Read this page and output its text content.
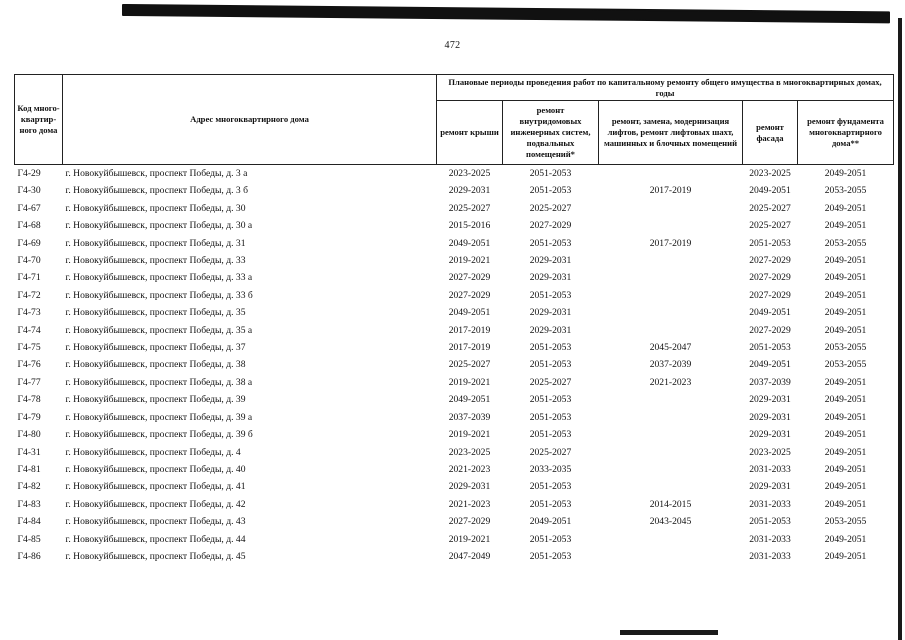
472
Код много-квартир-ного дома	Адрес многоквартирного дома	Плановые периоды проведения работ по капитальному ремонту общего имущества в многоквартирных домах, годы				
		ремонт крыши	ремонт внутридомовых инженерных систем, подвальных помещений*	ремонт, замена, модернизация лифтов, ремонт лифтовых шахт, машинных и блочных помещений	ремонт фасада	ремонт фундамента многоквартирного дома**
Г4-29	г. Новокуйбышевск, проспект Победы, д. 3 а	2023-2025	2051-2053		2023-2025	2049-2051
Г4-30	г. Новокуйбышевск, проспект Победы, д. 3 б	2029-2031	2051-2053	2017-2019	2049-2051	2053-2055
Г4-67	г. Новокуйбышевск, проспект Победы, д. 30	2025-2027	2025-2027		2025-2027	2049-2051
Г4-68	г. Новокуйбышевск, проспект Победы, д. 30 а	2015-2016	2027-2029		2025-2027	2049-2051
Г4-69	г. Новокуйбышевск, проспект Победы, д. 31	2049-2051	2051-2053	2017-2019	2051-2053	2053-2055
Г4-70	г. Новокуйбышевск, проспект Победы, д. 33	2019-2021	2029-2031		2027-2029	2049-2051
Г4-71	г. Новокуйбышевск, проспект Победы, д. 33 а	2027-2029	2029-2031		2027-2029	2049-2051
Г4-72	г. Новокуйбышевск, проспект Победы, д. 33 б	2027-2029	2051-2053		2027-2029	2049-2051
Г4-73	г. Новокуйбышевск, проспект Победы, д. 35	2049-2051	2029-2031		2049-2051	2049-2051
Г4-74	г. Новокуйбышевск, проспект Победы, д. 35 а	2017-2019	2029-2031		2027-2029	2049-2051
Г4-75	г. Новокуйбышевск, проспект Победы, д. 37	2017-2019	2051-2053	2045-2047	2051-2053	2053-2055
Г4-76	г. Новокуйбышевск, проспект Победы, д. 38	2025-2027	2051-2053	2037-2039	2049-2051	2053-2055
Г4-77	г. Новокуйбышевск, проспект Победы, д. 38 а	2019-2021	2025-2027	2021-2023	2037-2039	2049-2051
Г4-78	г. Новокуйбышевск, проспект Победы, д. 39	2049-2051	2051-2053		2029-2031	2049-2051
Г4-79	г. Новокуйбышевск, проспект Победы, д. 39 а	2037-2039	2051-2053		2029-2031	2049-2051
Г4-80	г. Новокуйбышевск, проспект Победы, д. 39 б	2019-2021	2051-2053		2029-2031	2049-2051
Г4-31	г. Новокуйбышевск, проспект Победы, д. 4	2023-2025	2025-2027		2023-2025	2049-2051
Г4-81	г. Новокуйбышевск, проспект Победы, д. 40	2021-2023	2033-2035		2031-2033	2049-2051
Г4-82	г. Новокуйбышевск, проспект Победы, д. 41	2029-2031	2051-2053		2029-2031	2049-2051
Г4-83	г. Новокуйбышевск, проспект Победы, д. 42	2021-2023	2051-2053	2014-2015	2031-2033	2049-2051
Г4-84	г. Новокуйбышевск, проспект Победы, д. 43	2027-2029	2049-2051	2043-2045	2051-2053	2053-2055
Г4-85	г. Новокуйбышевск, проспект Победы, д. 44	2019-2021	2051-2053		2031-2033	2049-2051
Г4-86	г. Новокуйбышевск, проспект Победы, д. 45	2047-2049	2051-2053		2031-2033	2049-2051
